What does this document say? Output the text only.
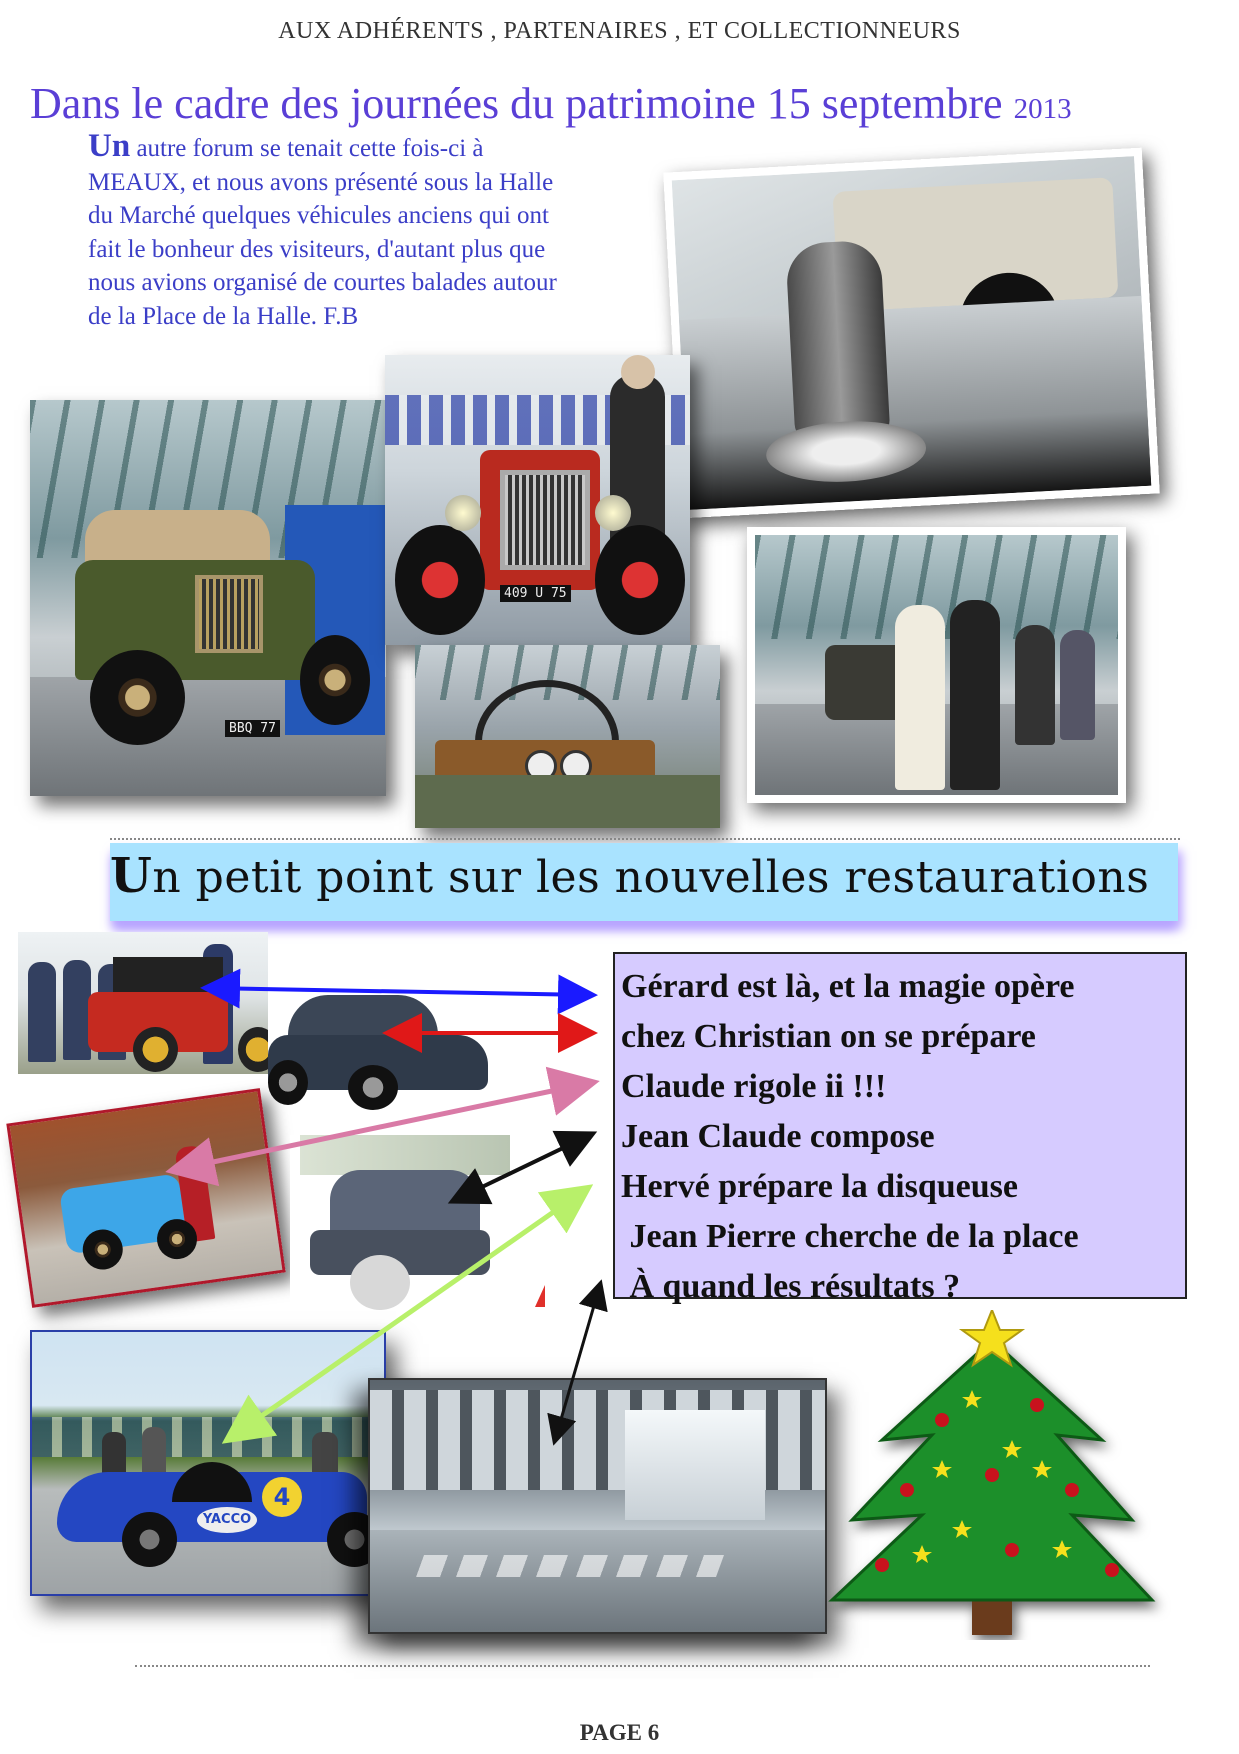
AUX ADHÉRENTS , PARTENAIRES , ET COLLECTIONNEURS
Dans le cadre des journées du patrimoine 15 septembre 2013
Un autre forum se tenait cette fois-ci à MEAUX, et nous avons présenté sous la Halle du Marché quelques véhicules anciens qui ont fait le bonheur des visiteurs, d'autant plus que nous avions organisé de courtes balades autour de la Place de la Halle. F.B
BBQ 77
409 U 75
Un petit point sur les nouvelles restaurations
Gérard est là, et la magie opère
chez Christian on se prépare
Claude rigole ii !!!
Jean Claude compose
Hervé prépare la disqueuse
Jean Pierre cherche de la place
À quand les résultats ?
4
YACCO
PAGE 6
